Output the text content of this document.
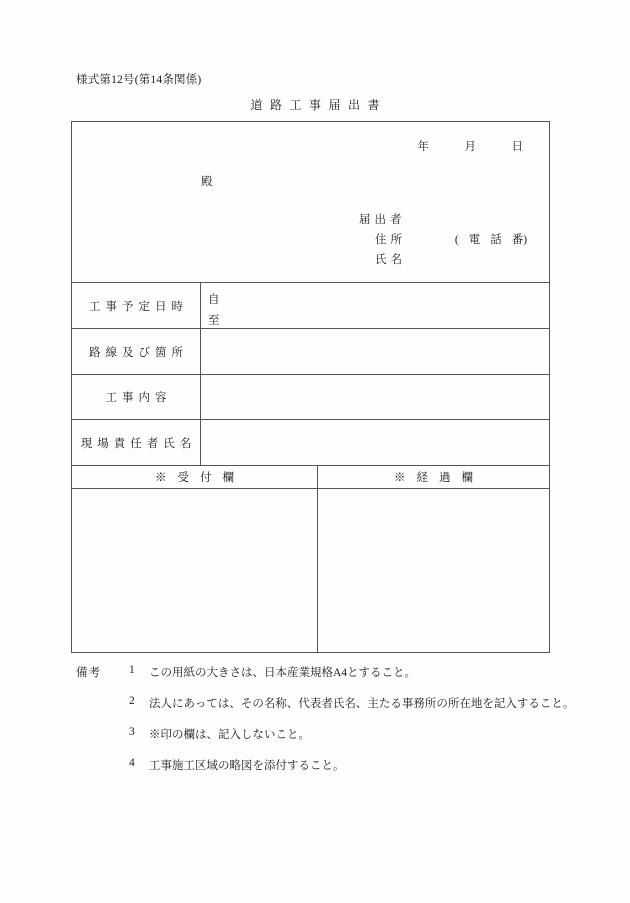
様式第12号(第14条関係)
道路工事届出書
年　月　日
殿
届出者
住所	(電話番)
氏名
工事予定日時
自
至
路線及び箇所
工事内容
現場責任者氏名
※受付欄	※経過欄
備考 1 この用紙の大きさは、日本産業規格A4とすること。
2 法人にあっては、その名称、代表者氏名、主たる事務所の所在地を記入すること。
3 ※印の欄は、記入しないこと。
4 工事施工区域の略図を添付すること。
